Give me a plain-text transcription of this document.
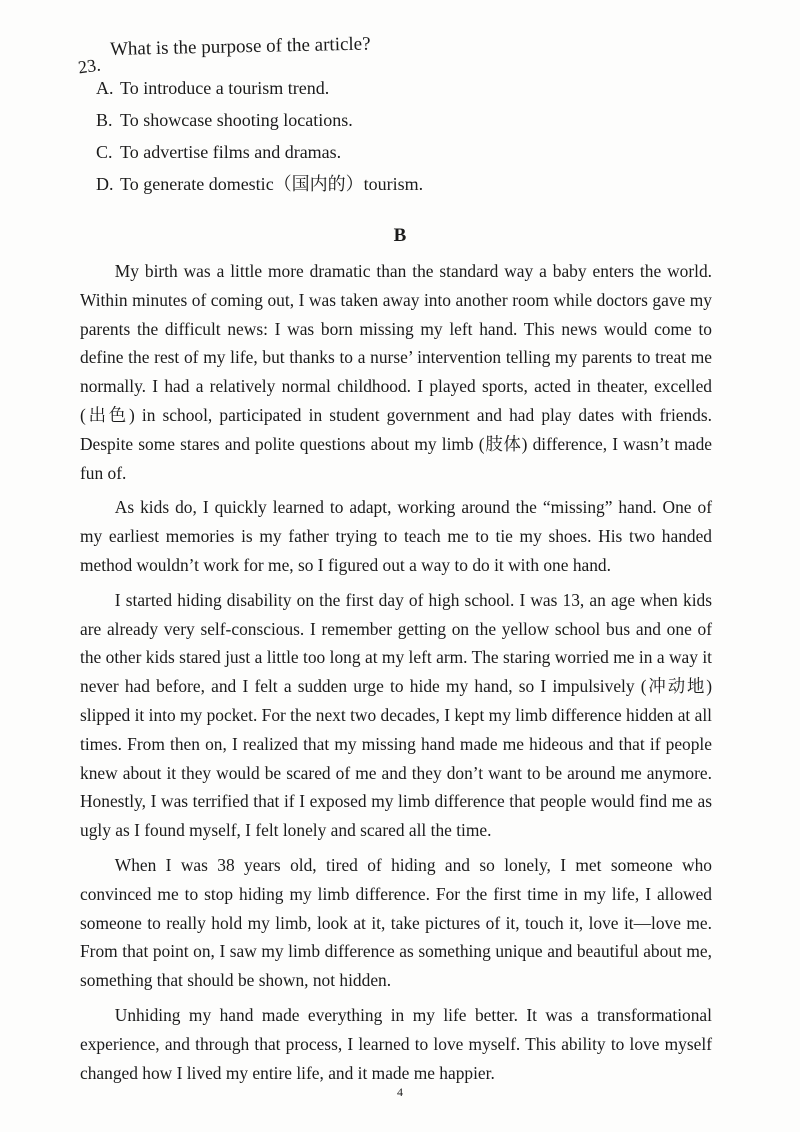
23.
What is the purpose of the article?
A. To introduce a tourism trend.
B. To showcase shooting locations.
C. To advertise films and dramas.
D. To generate domestic（国内的）tourism.
B

My birth was a little more dramatic than the standard way a baby enters the world. Within minutes of coming out, I was taken away into another room while doctors gave my parents the difficult news: I was born missing my left hand. This news would come to define the rest of my life, but thanks to a nurse’ intervention telling my parents to treat me normally. I had a relatively normal childhood. I played sports, acted in theater, excelled (出色) in school, participated in student government and had play dates with friends. Despite some stares and polite questions about my limb (肢体) difference, I wasn’t made fun of.

As kids do, I quickly learned to adapt, working around the “missing” hand. One of my earliest memories is my father trying to teach me to tie my shoes. His two handed method wouldn’t work for me, so I figured out a way to do it with one hand.

I started hiding disability on the first day of high school. I was 13, an age when kids are already very self-conscious. I remember getting on the yellow school bus and one of the other kids stared just a little too long at my left arm. The staring worried me in a way it never had before, and I felt a sudden urge to hide my hand, so I impulsively (冲动地) slipped it into my pocket. For the next two decades, I kept my limb difference hidden at all times. From then on, I realized that my missing hand made me hideous and that if people knew about it they would be scared of me and they don’t want to be around me anymore. Honestly, I was terrified that if I exposed my limb difference that people would find me as ugly as I found myself, I felt lonely and scared all the time.

When I was 38 years old, tired of hiding and so lonely, I met someone who convinced me to stop hiding my limb difference. For the first time in my life, I allowed someone to really hold my limb, look at it, take pictures of it, touch it, love it—love me. From that point on, I saw my limb difference as something unique and beautiful about me, something that should be shown, not hidden.

Unhiding my hand made everything in my life better. It was a transformational experience, and through that process, I learned to love myself. This ability to love myself changed how I lived my entire life, and it made me happier.

4
